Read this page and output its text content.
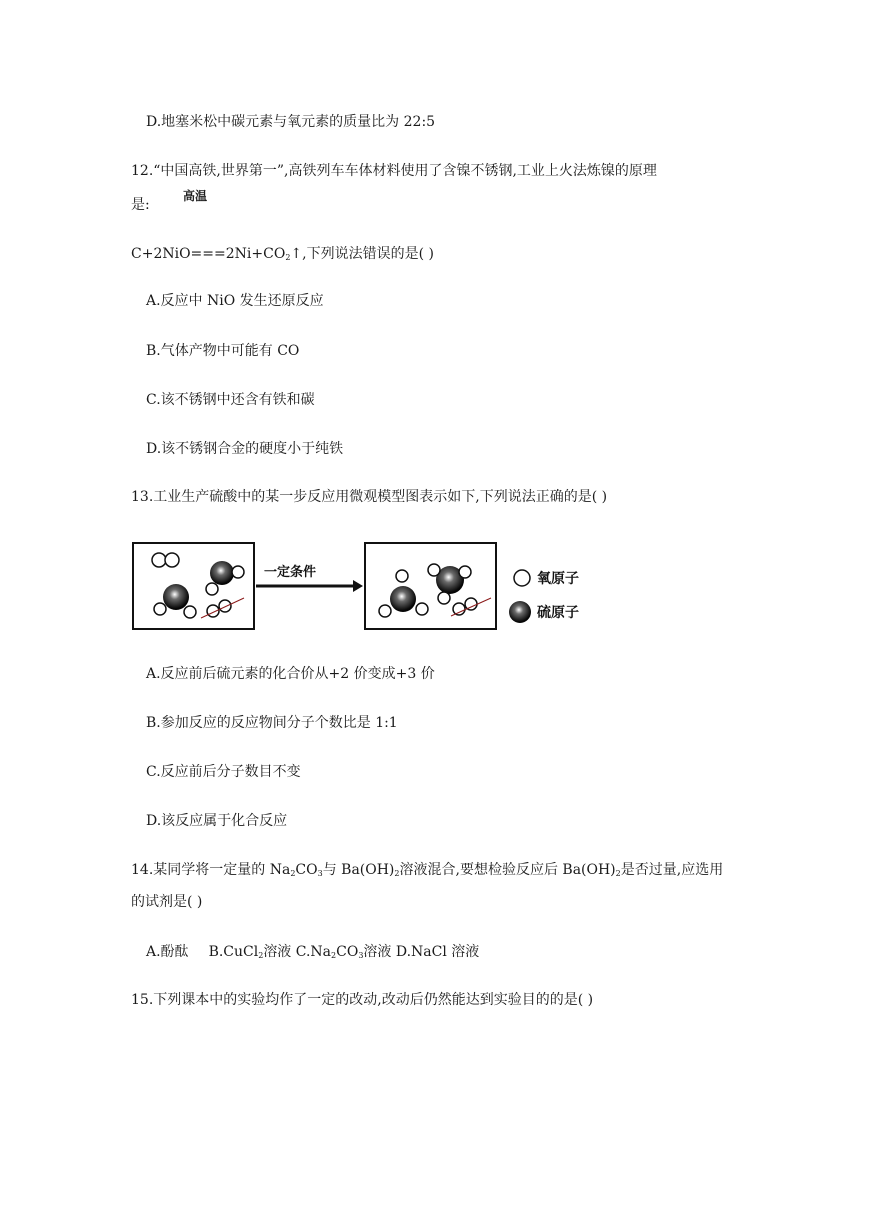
D.地塞米松中碳元素与氧元素的质量比为 22:5
12.“中国高铁,世界第一”,高铁列车车体材料使用了含镍不锈钢,工业上火法炼镍的原理
是:
高温
$C+2NiO===2Ni+CO_2↑$,下列说法错误的是( )
A.反应中 NiO 发生还原反应
B.气体产物中可能有 CO
C.该不锈钢中还含有铁和碳
D.该不锈钢合金的硬度小于纯铁
13.工业生产硫酸中的某一步反应用微观模型图表示如下,下列说法正确的是( )
一定条件	氧原子
硫原子
A.反应前后硫元素的化合价从+2 价变成+3 价
B.参加反应的反应物间分子个数比是 1:1
C.反应前后分子数目不变
D.该反应属于化合反应
14.某同学将一定量的 $Na_2CO_3$与 $Ba(OH)_2$溶液混合,要想检验反应后 $Ba(OH)_2$是否过量,应选用
的试剂是( )
A.酚酞 B.CuCl$_2$溶液 $C.Na_2CO_3$溶液 D.NaCl 溶液
15.下列课本中的实验均作了一定的改动,改动后仍然能达到实验目的的是( )
